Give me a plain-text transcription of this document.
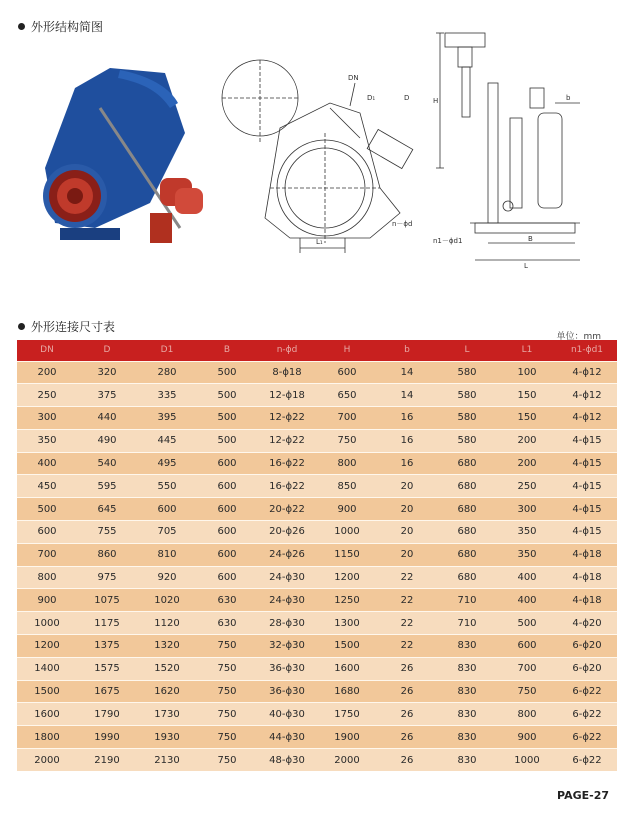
外形结构简图
DN
D₁	D
n－ϕd
L₁
H	b
n1－ϕd1	B
L
外形连接尺寸表
单位：mm
DN	D	D1	B	n-ϕd	H	b	L	L1	n1-ϕd1
200	320	280	500	8-ϕ18	600	14	580	100	4-ϕ12
250	375	335	500	12-ϕ18	650	14	580	150	4-ϕ12
300	440	395	500	12-ϕ22	700	16	580	150	4-ϕ12
350	490	445	500	12-ϕ22	750	16	580	200	4-ϕ15
400	540	495	600	16-ϕ22	800	16	680	200	4-ϕ15
450	595	550	600	16-ϕ22	850	20	680	250	4-ϕ15
500	645	600	600	20-ϕ22	900	20	680	300	4-ϕ15
600	755	705	600	20-ϕ26	1000	20	680	350	4-ϕ15
700	860	810	600	24-ϕ26	1150	20	680	350	4-ϕ18
800	975	920	600	24-ϕ30	1200	22	680	400	4-ϕ18
900	1075	1020	630	24-ϕ30	1250	22	710	400	4-ϕ18
1000	1175	1120	630	28-ϕ30	1300	22	710	500	4-ϕ20
1200	1375	1320	750	32-ϕ30	1500	22	830	600	6-ϕ20
1400	1575	1520	750	36-ϕ30	1600	26	830	700	6-ϕ20
1500	1675	1620	750	36-ϕ30	1680	26	830	750	6-ϕ22
1600	1790	1730	750	40-ϕ30	1750	26	830	800	6-ϕ22
1800	1990	1930	750	44-ϕ30	1900	26	830	900	6-ϕ22
2000	2190	2130	750	48-ϕ30	2000	26	830	1000	6-ϕ22
PAGE-27
